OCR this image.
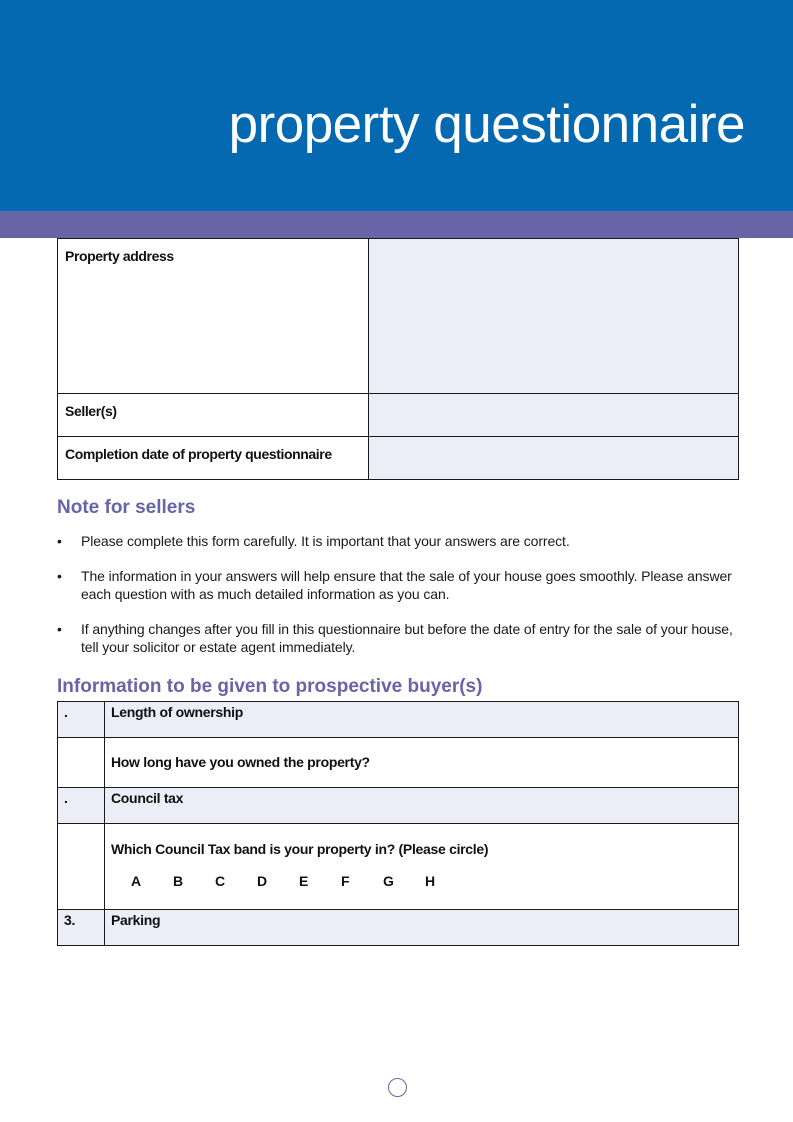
property questionnaire
Property address	
Seller(s)	
Completion date of property questionnaire	
Note for sellers
• Please complete this form carefully. It is important that your answers are correct.
• The information in your answers will help ensure that the sale of your house goes smoothly. Please answer each question with as much detailed information as you can.
• If anything changes after you fill in this questionnaire but before the date of entry for the sale of your house, tell your solicitor or estate agent immediately.
Information to be given to prospective buyer(s)
.	Length of ownership

	How long have you owned the property?

.	Council tax

	Which Council Tax band is your property in? (Please circle)
A B C D E F G H

3.	Parking
